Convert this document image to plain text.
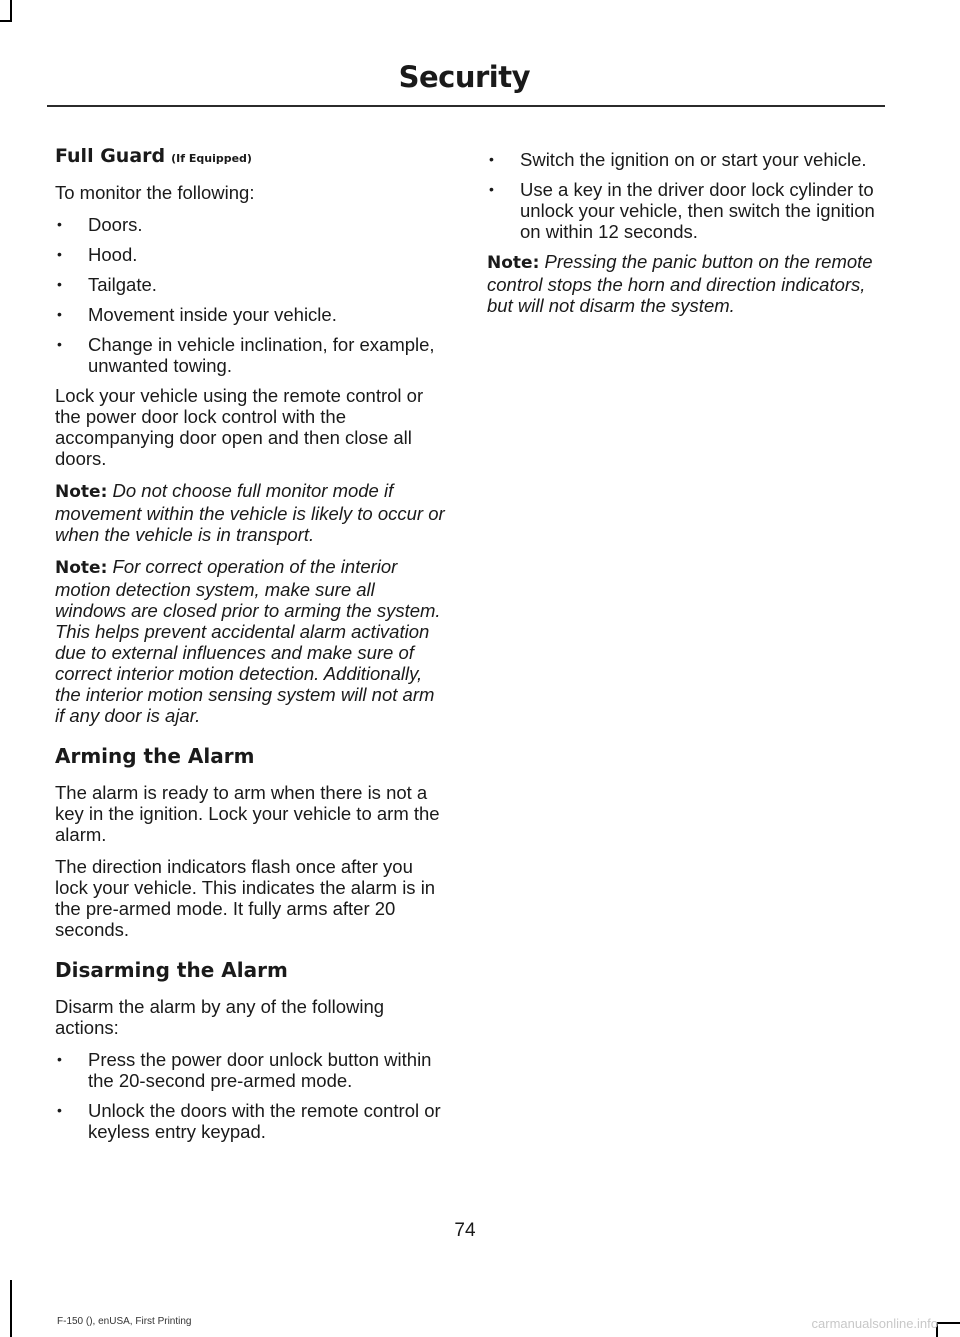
Security
Full Guard (If Equipped)

To monitor the following:

• Doors.
• Hood.
• Tailgate.
• Movement inside your vehicle.
• Change in vehicle inclination, for example, unwanted towing.

Lock your vehicle using the remote control or the power door lock control with the accompanying door open and then close all doors.

Note: Do not choose full monitor mode if movement within the vehicle is likely to occur or when the vehicle is in transport.

Note: For correct operation of the interior motion detection system, make sure all windows are closed prior to arming the system. This helps prevent accidental alarm activation due to external influences and make sure of correct interior motion detection. Additionally, the interior motion sensing system will not arm if any door is ajar.

Arming the Alarm

The alarm is ready to arm when there is not a key in the ignition. Lock your vehicle to arm the alarm.

The direction indicators flash once after you lock your vehicle. This indicates the alarm is in the pre-armed mode. It fully arms after 20 seconds.

Disarming the Alarm

Disarm the alarm by any of the following actions:

• Press the power door unlock button within the 20-second pre-armed mode.
• Unlock the doors with the remote control or keyless entry keypad.
• Switch the ignition on or start your vehicle.
• Use a key in the driver door lock cylinder to unlock your vehicle, then switch the ignition on within 12 seconds.

Note: Pressing the panic button on the remote control stops the horn and direction indicators, but will not disarm the system.

74
F-150 (), enUSA, First Printing	carmanualsonline.info
